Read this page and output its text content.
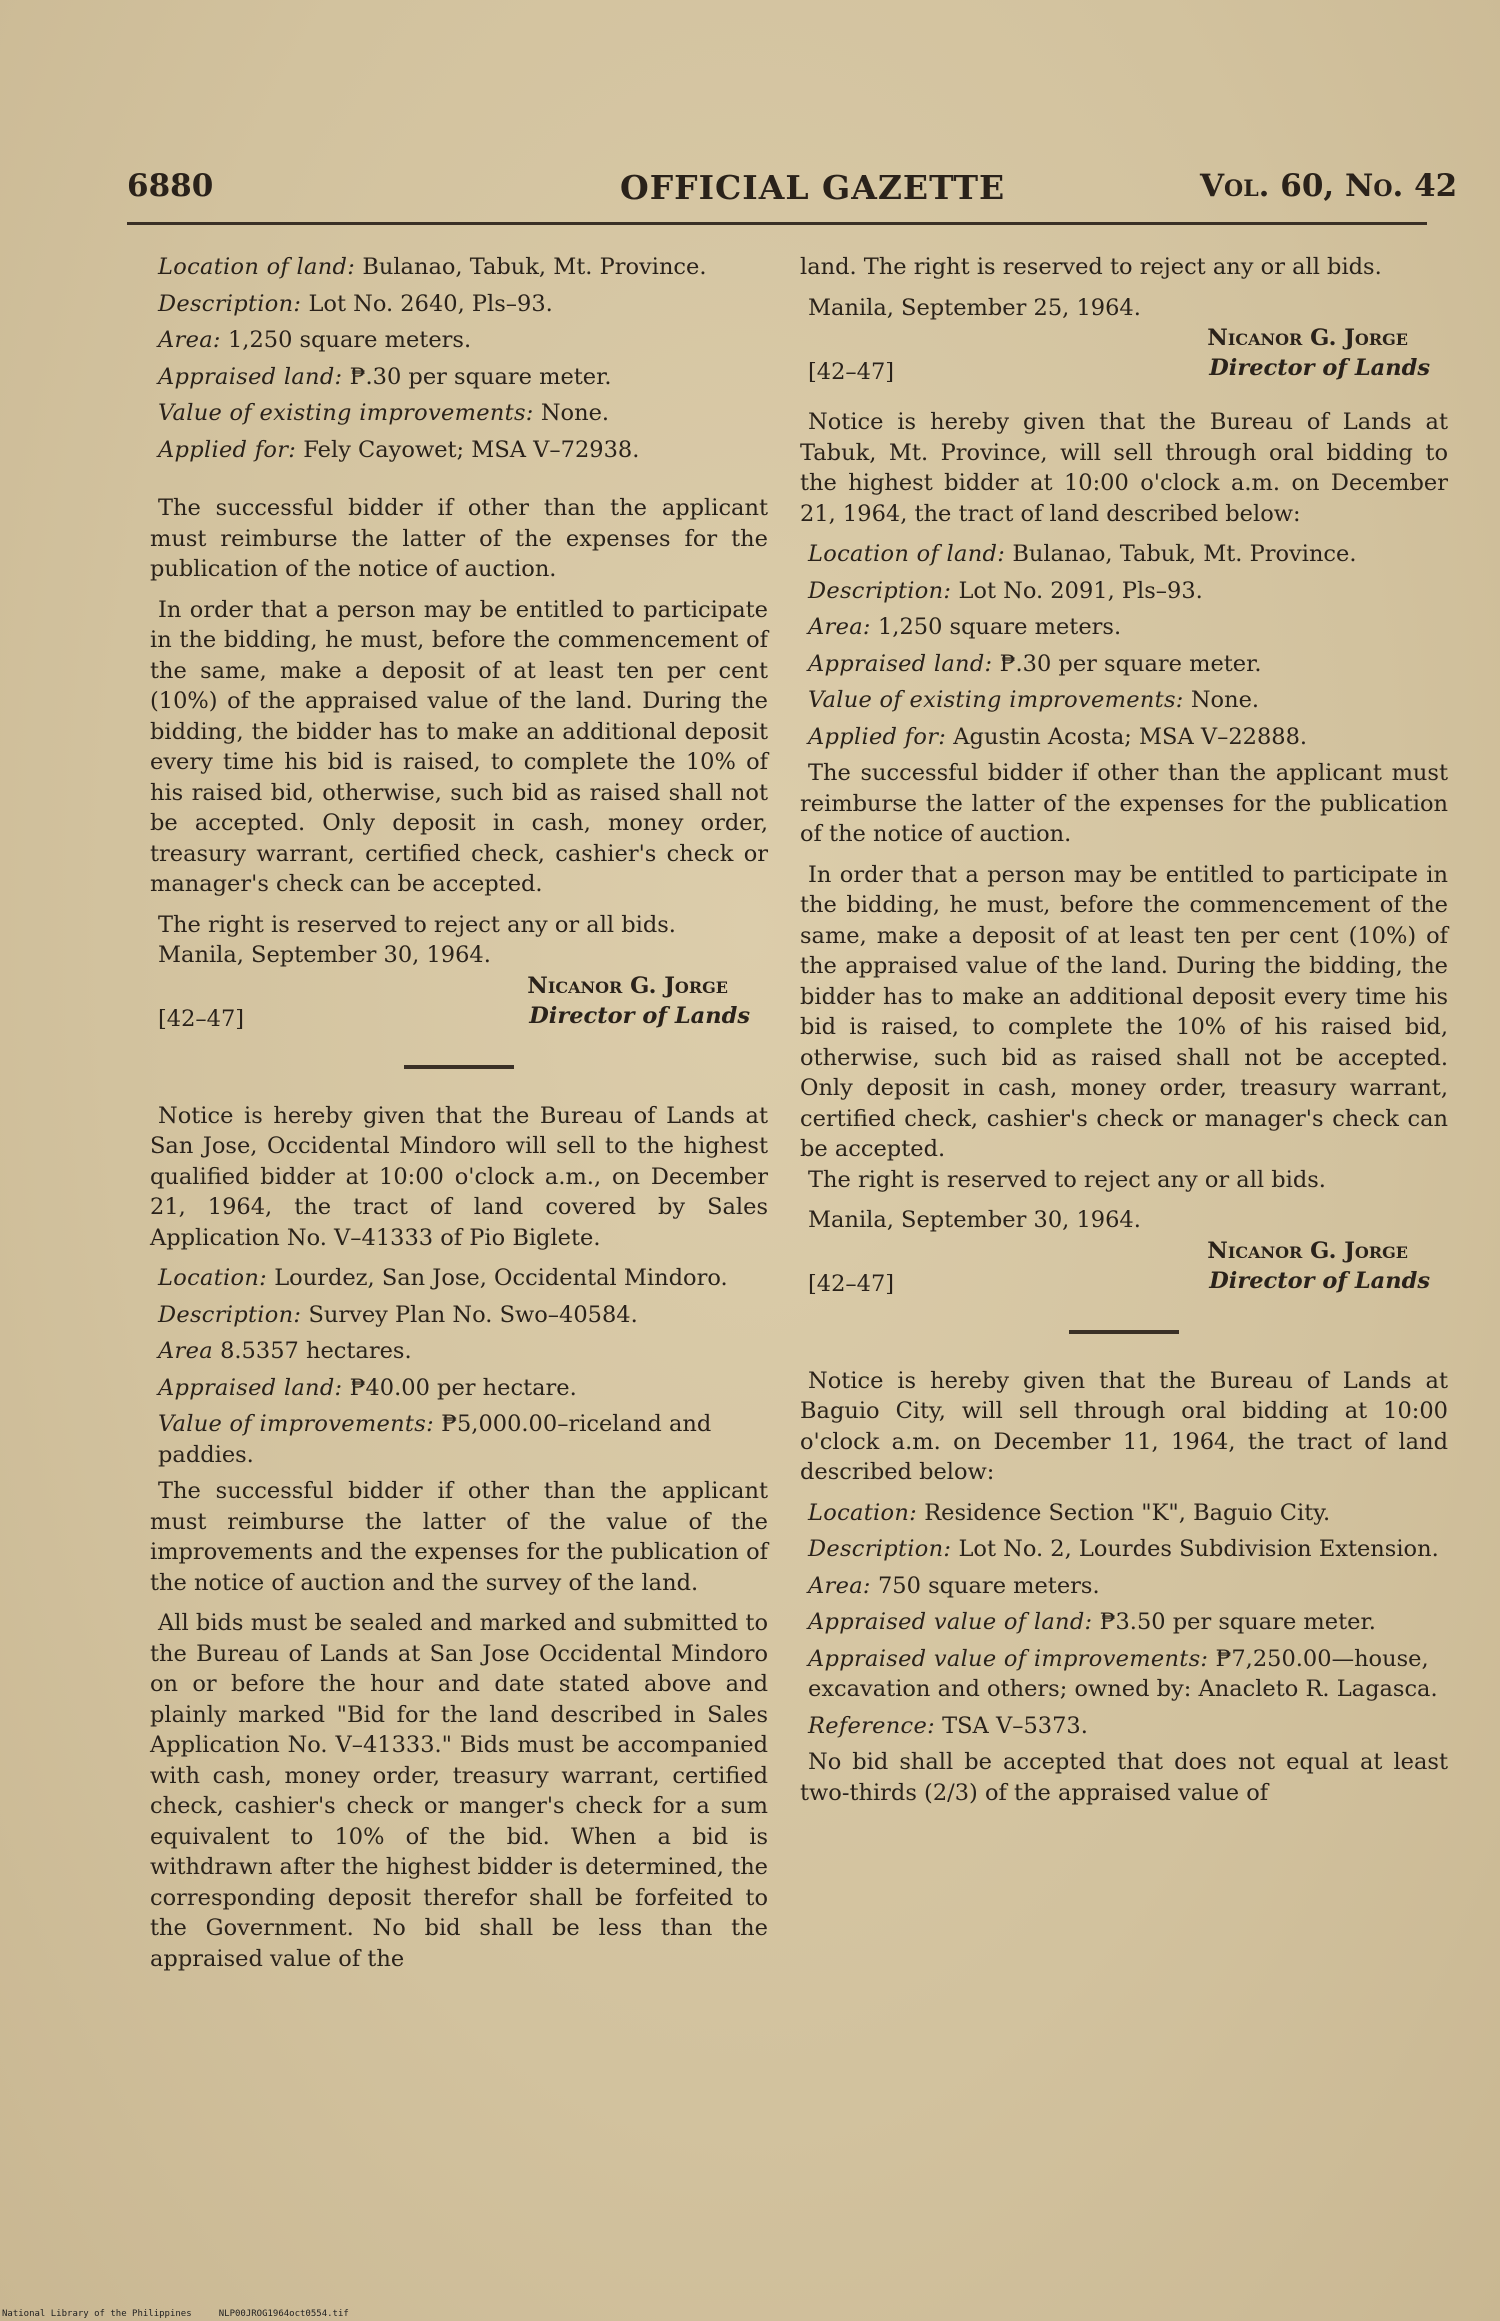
6880	OFFICIAL GAZETTE	Vol. 60, No. 42
Location of land: Bulanao, Tabuk, Mt. Province.
Description: Lot No. 2640, Pls–93.
Area: 1,250 square meters.
Appraised land: ₱.30 per square meter.
Value of existing improvements: None.
Applied for: Fely Cayowet; MSA V–72938.

The successful bidder if other than the applicant must reimburse the latter of the expenses for the publication of the notice of auction.

In order that a person may be entitled to participate in the bidding, he must, before the commencement of the same, make a deposit of at least ten per cent (10%) of the appraised value of the land. During the bidding, the bidder has to make an additional deposit every time his bid is raised, to complete the 10% of his raised bid, otherwise, such bid as raised shall not be accepted. Only deposit in cash, money order, treasury warrant, certified check, cashier's check or manager's check can be accepted.

The right is reserved to reject any or all bids.

Manila, September 30, 1964.

[42–47]
Nicanor G. Jorge
Director of Lands

Notice is hereby given that the Bureau of Lands at San Jose, Occidental Mindoro will sell to the highest qualified bidder at 10:00 o'clock a.m., on December 21, 1964, the tract of land covered by Sales Application No. V–41333 of Pio Biglete.

Location: Lourdez, San Jose, Occidental Mindoro.
Description: Survey Plan No. Swo–40584.
Area 8.5357 hectares.
Appraised land: ₱40.00 per hectare.
Value of improvements: ₱5,000.00–riceland and paddies.

The successful bidder if other than the applicant must reimburse the latter of the value of the improvements and the expenses for the publication of the notice of auction and the survey of the land.

All bids must be sealed and marked and submitted to the Bureau of Lands at San Jose Occidental Mindoro on or before the hour and date stated above and plainly marked "Bid for the land described in Sales Application No. V–41333." Bids must be accompanied with cash, money order, treasury warrant, certified check, cashier's check or manger's check for a sum equivalent to 10% of the bid. When a bid is withdrawn after the highest bidder is determined, the corresponding deposit therefor shall be forfeited to the Government. No bid shall be less than the appraised value of the

land. The right is reserved to reject any or all bids.

Manila, September 25, 1964.

[42–47]
Nicanor G. Jorge
Director of Lands

Notice is hereby given that the Bureau of Lands at Tabuk, Mt. Province, will sell through oral bidding to the highest bidder at 10:00 o'clock a.m. on December 21, 1964, the tract of land described below:

Location of land: Bulanao, Tabuk, Mt. Province.
Description: Lot No. 2091, Pls–93.
Area: 1,250 square meters.
Appraised land: ₱.30 per square meter.
Value of existing improvements: None.
Applied for: Agustin Acosta; MSA V–22888.

The successful bidder if other than the applicant must reimburse the latter of the expenses for the publication of the notice of auction.

In order that a person may be entitled to participate in the bidding, he must, before the commencement of the same, make a deposit of at least ten per cent (10%) of the appraised value of the land. During the bidding, the bidder has to make an additional deposit every time his bid is raised, to complete the 10% of his raised bid, otherwise, such bid as raised shall not be accepted. Only deposit in cash, money order, treasury warrant, certified check, cashier's check or manager's check can be accepted.

The right is reserved to reject any or all bids.

Manila, September 30, 1964.

[42–47]
Nicanor G. Jorge
Director of Lands

Notice is hereby given that the Bureau of Lands at Baguio City, will sell through oral bidding at 10:00 o'clock a.m. on December 11, 1964, the tract of land described below:

Location: Residence Section "K", Baguio City.
Description: Lot No. 2, Lourdes Subdivision Extension.
Area: 750 square meters.
Appraised value of land: ₱3.50 per square meter.
Appraised value of improvements: ₱7,250.00—house, excavation and others; owned by: Anacleto R. Lagasca.
Reference: TSA V–5373.

No bid shall be accepted that does not equal at least two-thirds (2/3) of the appraised value of

National Library of the Philippines     NLP00JROG1964oct0554.tif
